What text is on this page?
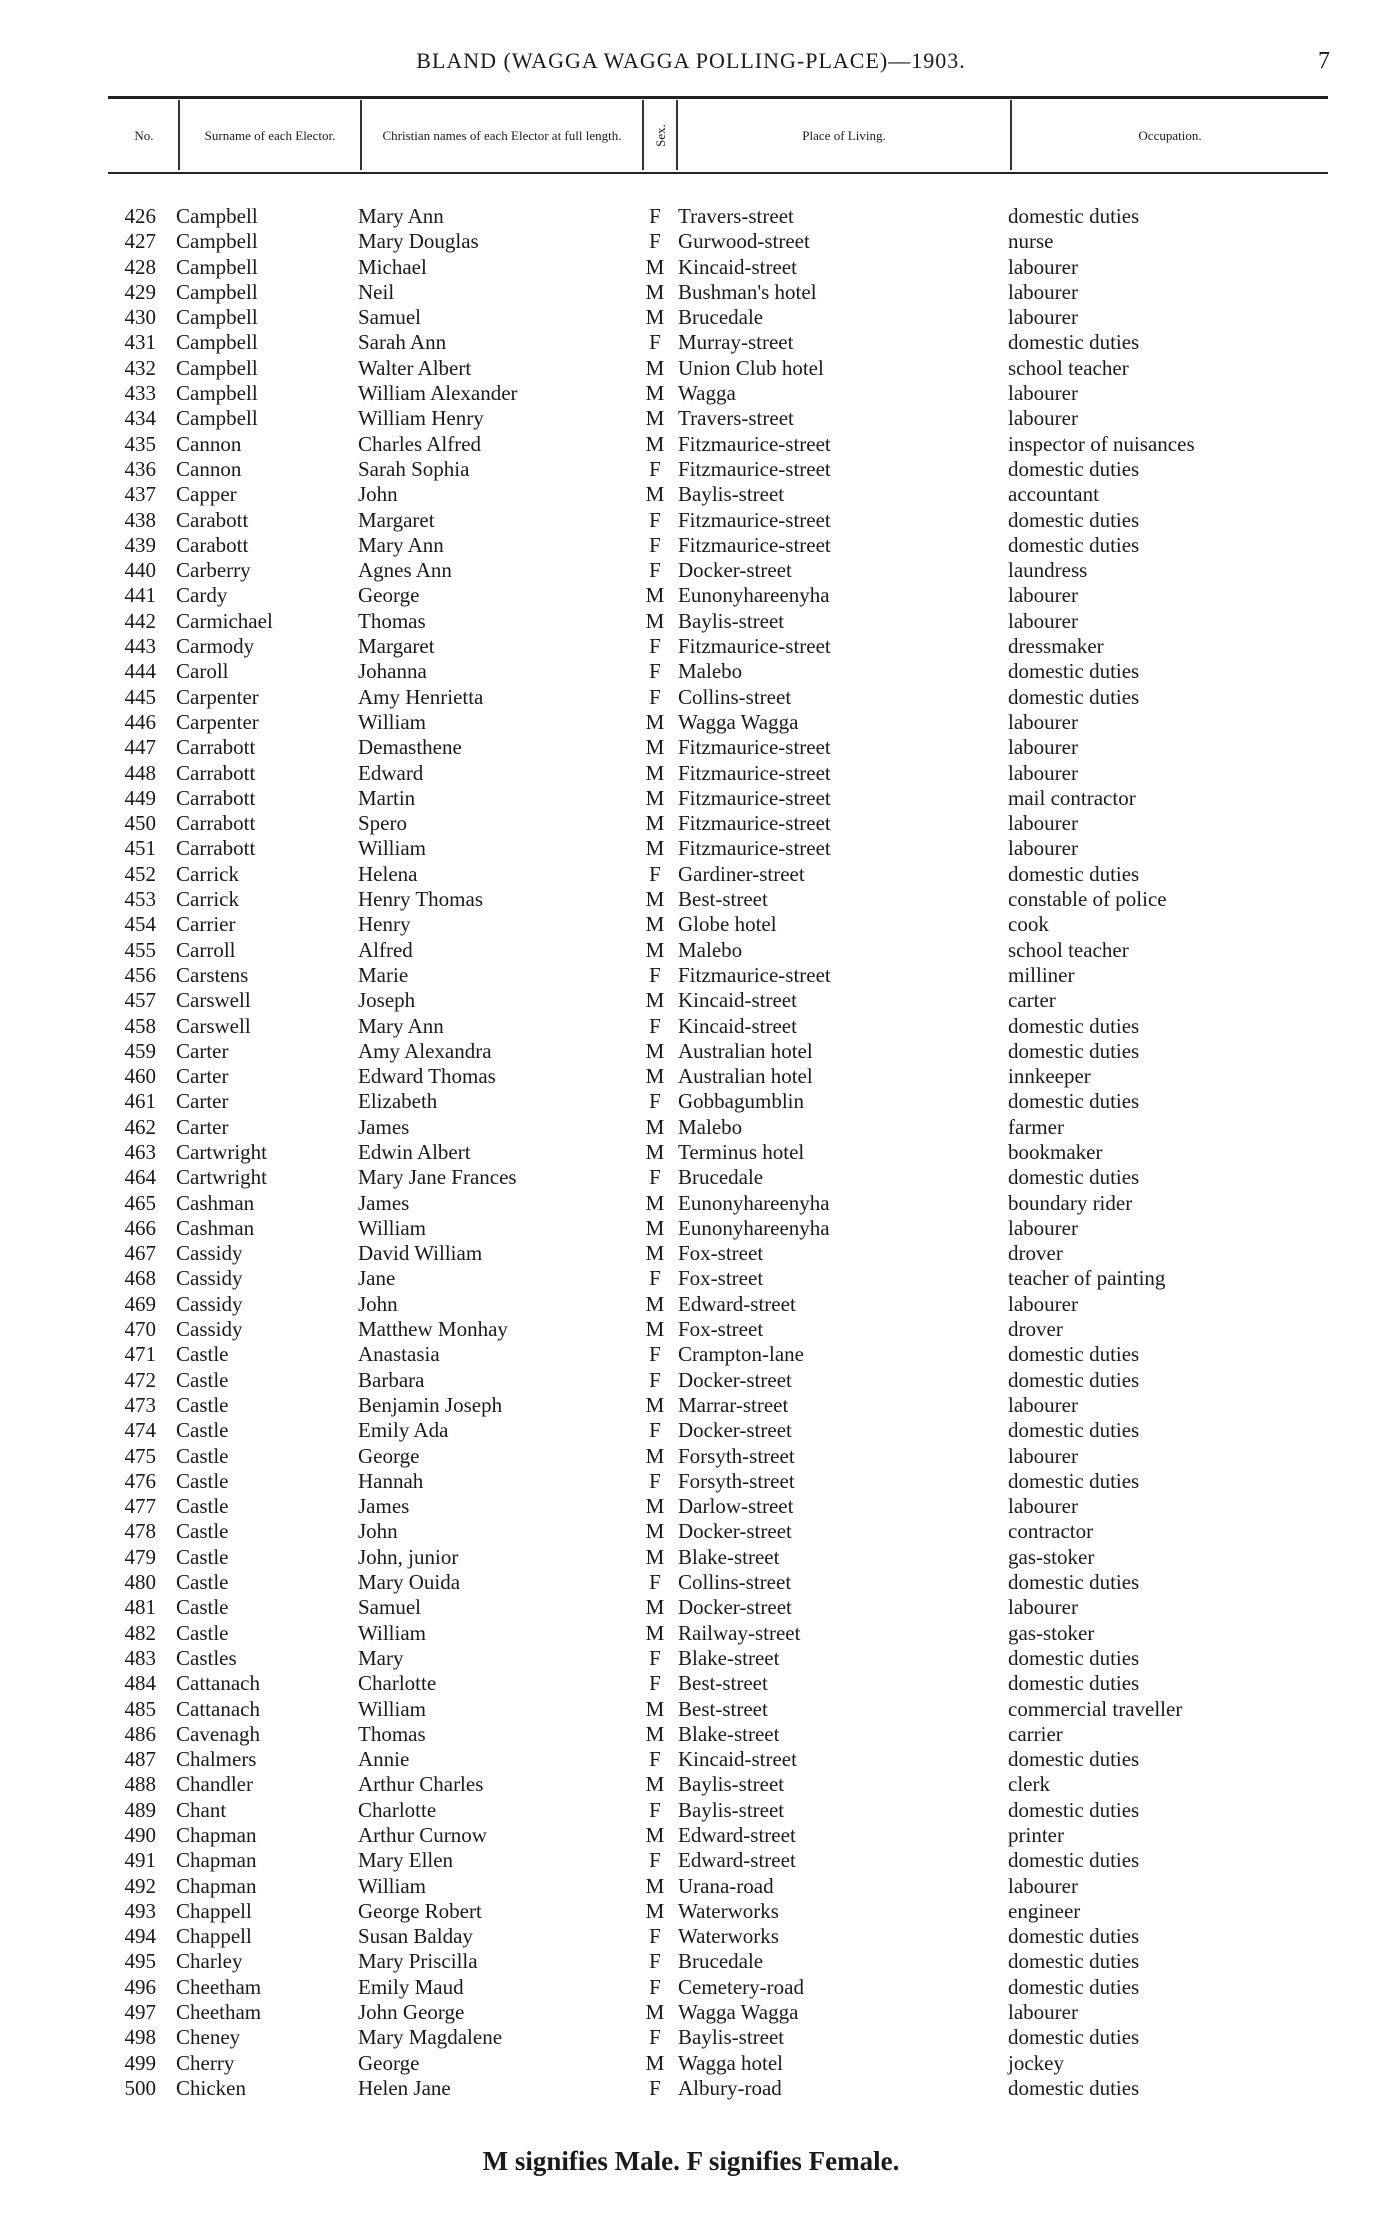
BLAND (WAGGA WAGGA POLLING-PLACE)—1903.	7
No.	Surname of each Elector.	Christian names of each Elector at full length. Sex.	Place of Living.	Occupation.
426 Campbell	Mary Ann	F Travers-street	domestic duties
427 Campbell	Mary Douglas	F Gurwood-street	nurse
428 Campbell	Michael	M Kincaid-street	labourer
429 Campbell	Neil	M Bushman's hotel	labourer
430 Campbell	Samuel	M Brucedale	labourer
431 Campbell	Sarah Ann	F Murray-street	domestic duties
432 Campbell	Walter Albert	M Union Club hotel	school teacher
433 Campbell	William Alexander	M Wagga	labourer
434 Campbell	William Henry	M Travers-street	labourer
435 Cannon	Charles Alfred	M Fitzmaurice-street	inspector of nuisances
436 Cannon	Sarah Sophia	F Fitzmaurice-street	domestic duties
437 Capper	John	M Baylis-street	accountant
438 Carabott	Margaret	F Fitzmaurice-street	domestic duties
439 Carabott	Mary Ann	F Fitzmaurice-street	domestic duties
440 Carberry	Agnes Ann	F Docker-street	laundress
441 Cardy	George	M Eunonyhareenyha	labourer
442 Carmichael	Thomas	M Baylis-street	labourer
443 Carmody	Margaret	F Fitzmaurice-street	dressmaker
444 Caroll	Johanna	F Malebo	domestic duties
445 Carpenter	Amy Henrietta	F Collins-street	domestic duties
446 Carpenter	William	M Wagga Wagga	labourer
447 Carrabott	Demasthene	M Fitzmaurice-street	labourer
448 Carrabott	Edward	M Fitzmaurice-street	labourer
449 Carrabott	Martin	M Fitzmaurice-street	mail contractor
450 Carrabott	Spero	M Fitzmaurice-street	labourer
451 Carrabott	William	M Fitzmaurice-street	labourer
452 Carrick	Helena	F Gardiner-street	domestic duties
453 Carrick	Henry Thomas	M Best-street	constable of police
454 Carrier	Henry	M Globe hotel	cook
455 Carroll	Alfred	M Malebo	school teacher
456 Carstens	Marie	F Fitzmaurice-street	milliner
457 Carswell	Joseph	M Kincaid-street	carter
458 Carswell	Mary Ann	F Kincaid-street	domestic duties
459 Carter	Amy Alexandra	M Australian hotel	domestic duties
460 Carter	Edward Thomas	M Australian hotel	innkeeper
461 Carter	Elizabeth	F Gobbagumblin	domestic duties
462 Carter	James	M Malebo	farmer
463 Cartwright	Edwin Albert	M Terminus hotel	bookmaker
464 Cartwright	Mary Jane Frances	F Brucedale	domestic duties
465 Cashman	James	M Eunonyhareenyha	boundary rider
466 Cashman	William	M Eunonyhareenyha	labourer
467 Cassidy	David William	M Fox-street	drover
468 Cassidy	Jane	F Fox-street	teacher of painting
469 Cassidy	John	M Edward-street	labourer
470 Cassidy	Matthew Monhay	M Fox-street	drover
471 Castle	Anastasia	F Crampton-lane	domestic duties
472 Castle	Barbara	F Docker-street	domestic duties
473 Castle	Benjamin Joseph	M Marrar-street	labourer
474 Castle	Emily Ada	F Docker-street	domestic duties
475 Castle	George	M Forsyth-street	labourer
476 Castle	Hannah	F Forsyth-street	domestic duties
477 Castle	James	M Darlow-street	labourer
478 Castle	John	M Docker-street	contractor
479 Castle	John, junior	M Blake-street	gas-stoker
480 Castle	Mary Ouida	F Collins-street	domestic duties
481 Castle	Samuel	M Docker-street	labourer
482 Castle	William	M Railway-street	gas-stoker
483 Castles	Mary	F Blake-street	domestic duties
484 Cattanach	Charlotte	F Best-street	domestic duties
485 Cattanach	William	M Best-street	commercial traveller
486 Cavenagh	Thomas	M Blake-street	carrier
487 Chalmers	Annie	F Kincaid-street	domestic duties
488 Chandler	Arthur Charles	M Baylis-street	clerk
489 Chant	Charlotte	F Baylis-street	domestic duties
490 Chapman	Arthur Curnow	M Edward-street	printer
491 Chapman	Mary Ellen	F Edward-street	domestic duties
492 Chapman	William	M Urana-road	labourer
493 Chappell	George Robert	M Waterworks	engineer
494 Chappell	Susan Balday	F Waterworks	domestic duties
495 Charley	Mary Priscilla	F Brucedale	domestic duties
496 Cheetham	Emily Maud	F Cemetery-road	domestic duties
497 Cheetham	John George	M Wagga Wagga	labourer
498 Cheney	Mary Magdalene	F Baylis-street	domestic duties
499 Cherry	George	M Wagga hotel	jockey
500 Chicken	Helen Jane	F Albury-road	domestic duties
M signifies Male. F signifies Female.
